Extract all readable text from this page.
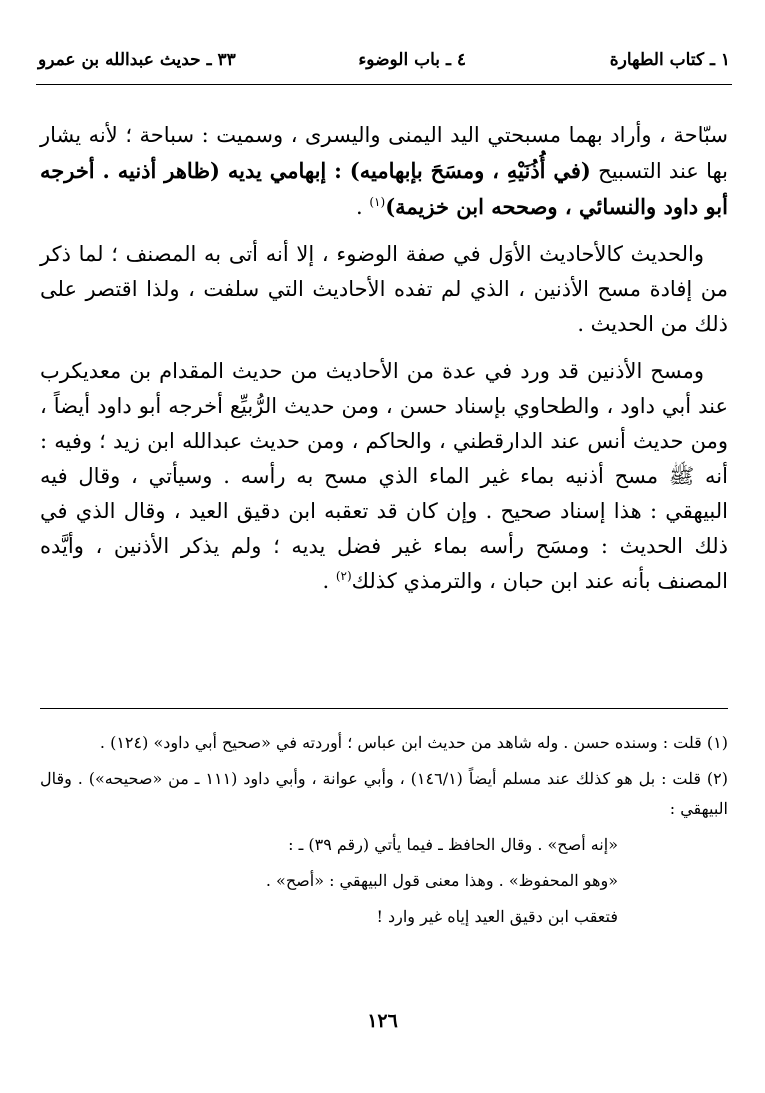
١ ـ كتاب الطهارة
٤ ـ باب الوضوء
٣٣ ـ حديث عبدالله بن عمرو

سبّاحة ، وأراد بهما مسبحتي اليد اليمنى واليسرى ، وسميت : سباحة ؛ لأنه يشار بها عند التسبيح (في أُذُنَيْهِ ، ومسَحَ بإبهاميه) : إبهامي يديه (ظاهر أذنيه . أخرجه أبو داود والنسائي ، وصححه ابن خزيمة)$^{(١)}$ .

والحديث كالأحاديث الأوَل في صفة الوضوء ، إلا أنه أتى به المصنف ؛ لما ذكر من إفادة مسح الأذنين ، الذي لم تفده الأحاديث التي سلفت ، ولذا اقتصر على ذلك من الحديث .

ومسح الأذنين قد ورد في عدة من الأحاديث من حديث المقدام بن معديكرب عند أبي داود ، والطحاوي بإسناد حسن ، ومن حديث الرُّبيِّع أخرجه أبو داود أيضاً ، ومن حديث أنس عند الدارقطني ، والحاكم ، ومن حديث عبدالله ابن زيد ؛ وفيه : أنه ﷺ مسح أذنيه بماء غير الماء الذي مسح به رأسه . وسيأتي ، وقال فيه البيهقي : هذا إسناد صحيح . وإن كان قد تعقبه ابن دقيق العيد ، وقال الذي في ذلك الحديث : ومسَح رأسه بماء غير فضل يديه ؛ ولم يذكر الأذنين ، وأيَّده المصنف بأنه عند ابن حبان ، والترمذي كذلك$^{(٢)}$ .

(١) قلت : وسنده حسن . وله شاهد من حديث ابن عباس ؛ أوردته في «صحيح أبي داود» (١٢٤) .

(٢) قلت : بل هو كذلك عند مسلم أيضاً (١٤٦/١) ، وأبي عوانة ، وأبي داود (١١١ ـ من «صحيحه») . وقال البيهقي :

«إنه أصح» . وقال الحافظ ـ فيما يأتي (رقم ٣٩) ـ :

«وهو المحفوظ» . وهذا معنى قول البيهقي : «أصح» .

فتعقب ابن دقيق العيد إياه غير وارد !

١٢٦
